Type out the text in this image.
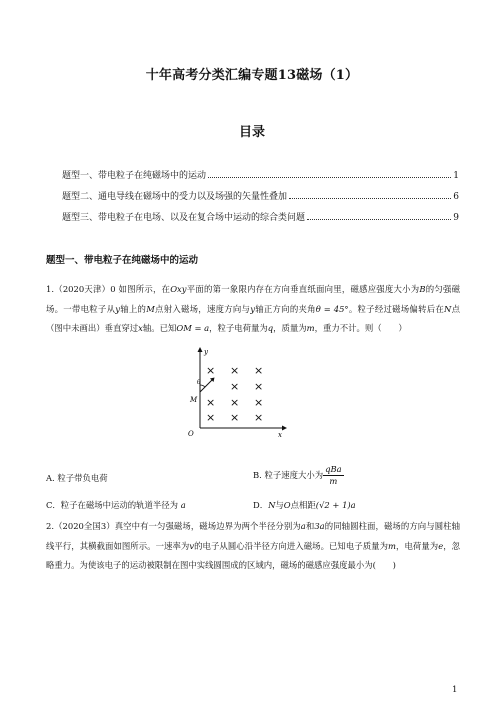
十年高考分类汇编专题13磁场（1）
目录
题型一、带电粒子在纯磁场中的运动	1
题型二、通电导线在磁场中的受力以及场强的矢量性叠加	6
题型三、带电粒子在电场、以及在复合场中运动的综合类问题	9
题型一、带电粒子在纯磁场中的运动
1.（2020天津）0 如图所示，在Oxy平面的第一象限内存在方向垂直纸面向里，磁感应强度大小为B的匀强磁场。一带电粒子从y轴上的M点射入磁场，速度方向与y轴正方向的夹角θ = 45°。粒子经过磁场偏转后在N点（图中未画出）垂直穿过x轴。已知OM = a，粒子电荷量为q，质量为m，重力不计。则（　　）
y
x
O
M
θ
× × ×
× ×
× × ×
× × ×
A. 粒子带负电荷	B. 粒子速度大小为 $\frac{\text{qBa}}{m}$
C．粒子在磁场中运动的轨道半径为 a	D．N与O点相距(√2 + 1)a
2.（2020全国3）真空中有一匀强磁场，磁场边界为两个半径分别为a和3a的同轴圆柱面，磁场的方向与圆柱轴线平行，其横截面如图所示。一速率为v的电子从圆心沿半径方向进入磁场。已知电子质量为m，电荷量为e，忽略重力。为使该电子的运动被限制在图中实线圆围成的区域内，磁场的磁感应强度最小为(　　)
1
